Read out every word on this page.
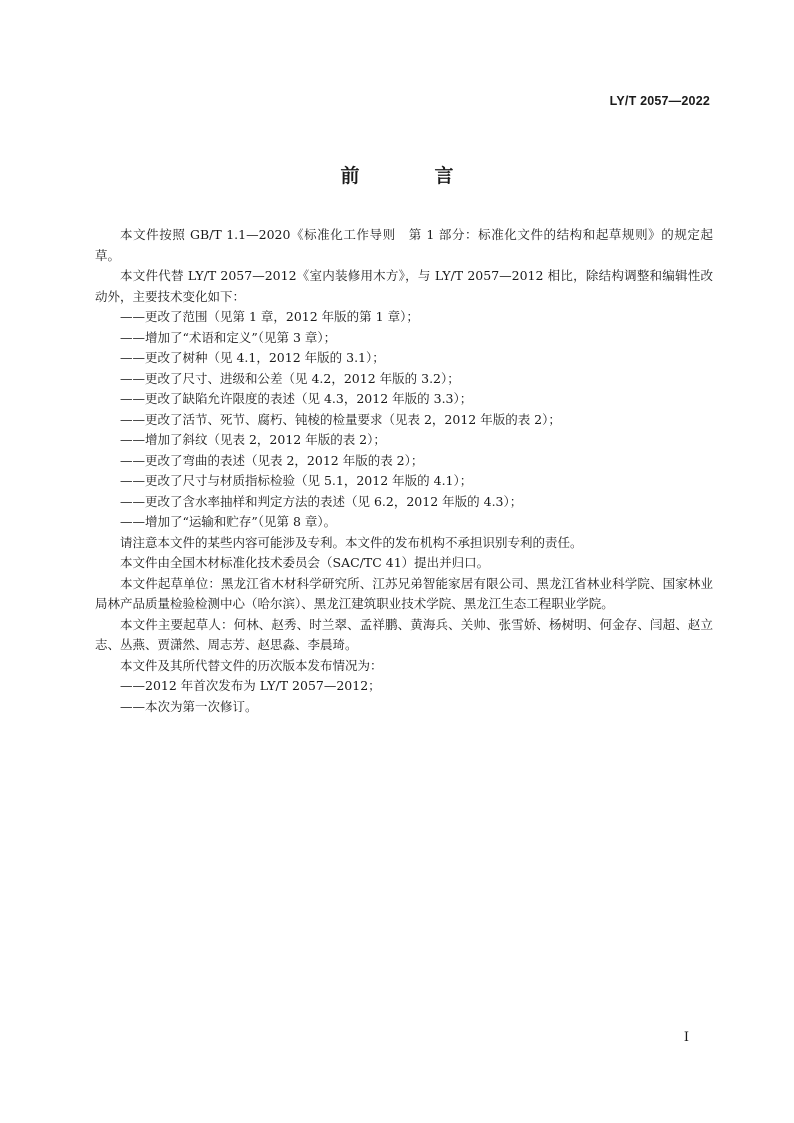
LY/T 2057—2022
前　言

本文件按照 GB/T 1.1—2020《标准化工作导则　第 1 部分：标准化文件的结构和起草规则》的规定起草。

本文件代替 LY/T 2057—2012《室内装修用木方》，与 LY/T 2057—2012 相比，除结构调整和编辑性改动外，主要技术变化如下：

——更改了范围（见第 1 章，2012 年版的第 1 章）；

——增加了“术语和定义”（见第 3 章）；

——更改了树种（见 4.1，2012 年版的 3.1）；

——更改了尺寸、进级和公差（见 4.2，2012 年版的 3.2）；

——更改了缺陷允许限度的表述（见 4.3，2012 年版的 3.3）；

——更改了活节、死节、腐朽、钝棱的检量要求（见表 2，2012 年版的表 2）；

——增加了斜纹（见表 2，2012 年版的表 2）；

——更改了弯曲的表述（见表 2，2012 年版的表 2）；

——更改了尺寸与材质指标检验（见 5.1，2012 年版的 4.1）；

——更改了含水率抽样和判定方法的表述（见 6.2，2012 年版的 4.3）；

——增加了“运输和贮存”（见第 8 章）。

请注意本文件的某些内容可能涉及专利。本文件的发布机构不承担识别专利的责任。

本文件由全国木材标准化技术委员会（SAC/TC 41）提出并归口。

本文件起草单位：黑龙江省木材科学研究所、江苏兄弟智能家居有限公司、黑龙江省林业科学院、国家林业局林产品质量检验检测中心（哈尔滨）、黑龙江建筑职业技术学院、黑龙江生态工程职业学院。

本文件主要起草人：何林、赵秀、时兰翠、孟祥鹏、黄海兵、关帅、张雪娇、杨树明、何金存、闫超、赵立志、丛燕、贾潇然、周志芳、赵思淼、李晨琦。

本文件及其所代替文件的历次版本发布情况为：

——2012 年首次发布为 LY/T 2057—2012；

——本次为第一次修订。

I
